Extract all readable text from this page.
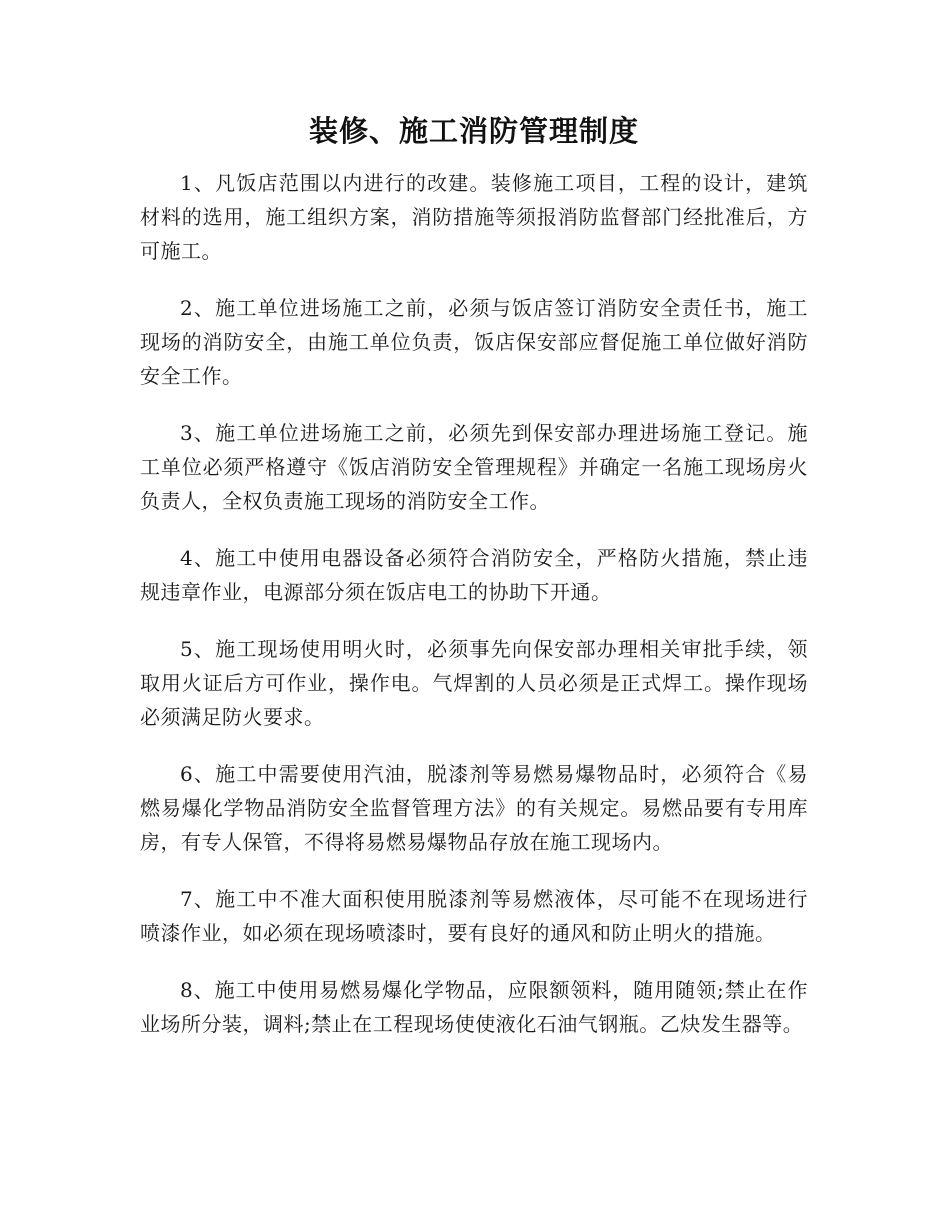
装修、施工消防管理制度

1、凡饭店范围以内进行的改建。装修施工项目，工程的设计，建筑材料的选用，施工组织方案，消防措施等须报消防监督部门经批准后，方可施工。

2、施工单位进场施工之前，必须与饭店签订消防安全责任书，施工现场的消防安全，由施工单位负责，饭店保安部应督促施工单位做好消防安全工作。

3、施工单位进场施工之前，必须先到保安部办理进场施工登记。施工单位必须严格遵守《饭店消防安全管理规程》并确定一名施工现场房火负责人，全权负责施工现场的消防安全工作。

4、施工中使用电器设备必须符合消防安全，严格防火措施，禁止违规违章作业，电源部分须在饭店电工的协助下开通。

5、施工现场使用明火时，必须事先向保安部办理相关审批手续，领取用火证后方可作业，操作电。气焊割的人员必须是正式焊工。操作现场必须满足防火要求。

6、施工中需要使用汽油，脱漆剂等易燃易爆物品时，必须符合《易燃易爆化学物品消防安全监督管理方法》的有关规定。易燃品要有专用库房，有专人保管，不得将易燃易爆物品存放在施工现场内。

7、施工中不准大面积使用脱漆剂等易燃液体，尽可能不在现场进行喷漆作业，如必须在现场喷漆时，要有良好的通风和防止明火的措施。

8、施工中使用易燃易爆化学物品，应限额领料，随用随领;禁止在作业场所分装，调料;禁止在工程现场使使液化石油气钢瓶。乙炔发生器等。
